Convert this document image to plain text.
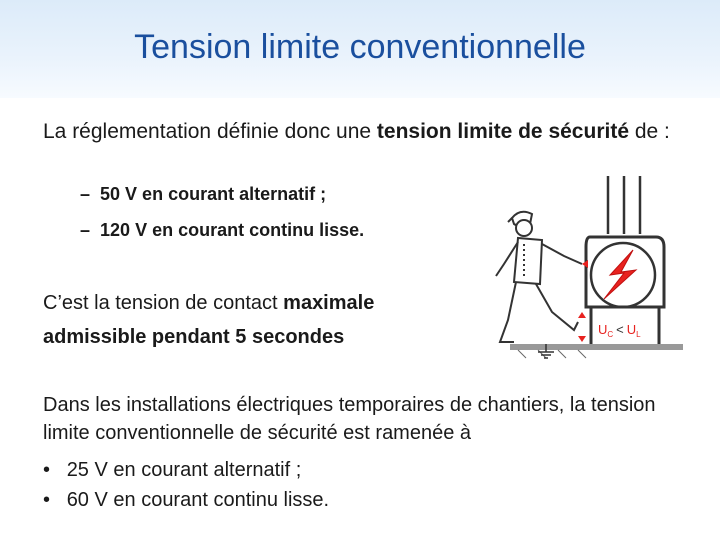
Tension limite conventionnelle
La réglementation définie donc une tension limite de sécurité de :
– 50 V en courant alternatif ;
– 120 V en courant continu lisse.
C’est la tension de contact maximale
admissible pendant 5 secondes
Dans les installations électriques temporaires de chantiers, la tension limite conventionnelle de sécurité est ramenée à
• 25 V en courant alternatif ;
• 60 V en courant continu lisse.
$U_C < U_L$
